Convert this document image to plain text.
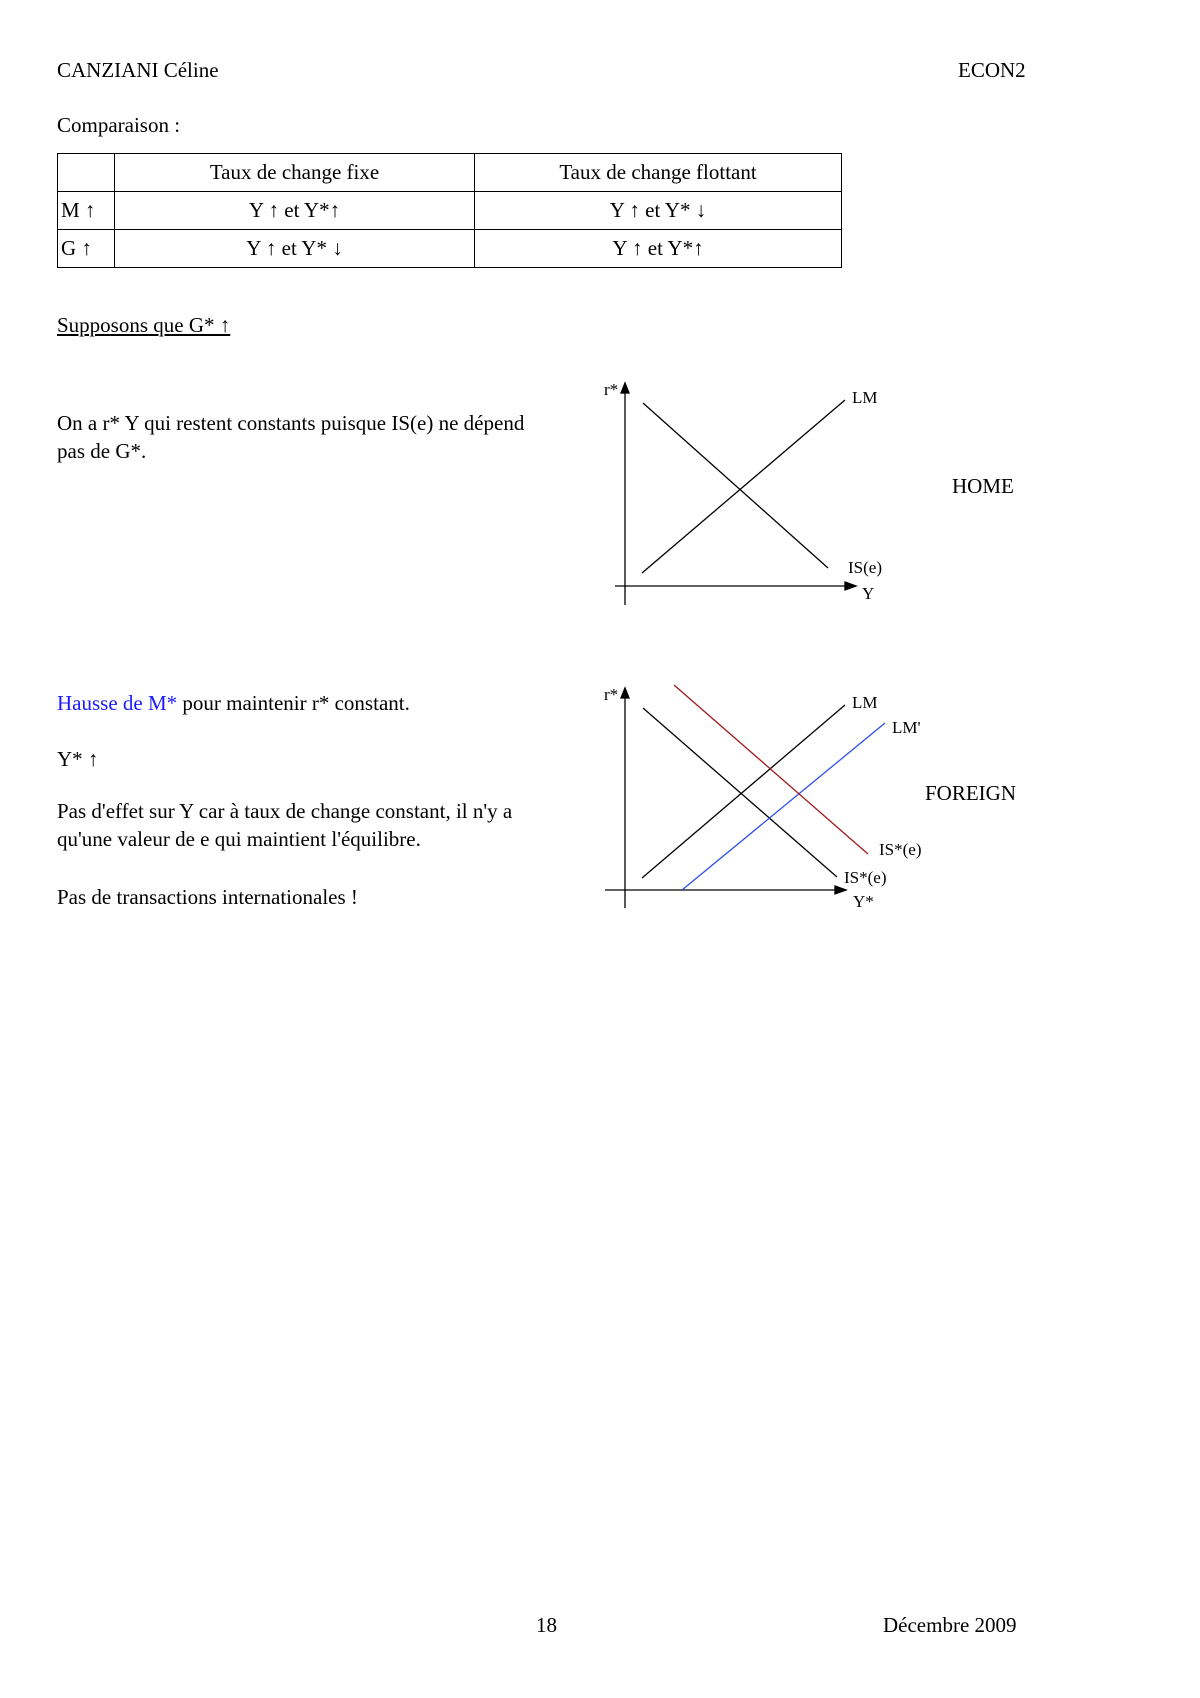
CANZIANI Céline	ECON2
Comparaison :
	Taux de change fixe	Taux de change flottant
M ↑	Y ↑ et Y*↑	Y ↑ et Y* ↓
G ↑	Y ↑ et Y* ↓	Y ↑ et Y*↑
Supposons que G* ↑

On a r* Y qui restent constants puisque IS(e) ne dépend pas de G*.

r*	LM
IS(e)
Y
HOME
Hausse de M* pour maintenir r* constant.
Y* ↑

Pas d'effet sur Y car à taux de change constant, il n'y a qu'une valeur de e qui maintient l'équilibre.

Pas de transactions internationales !
r*	LM
LM'
IS*(e)
IS*(e)
Y*
FOREIGN
18	Décembre 2009
